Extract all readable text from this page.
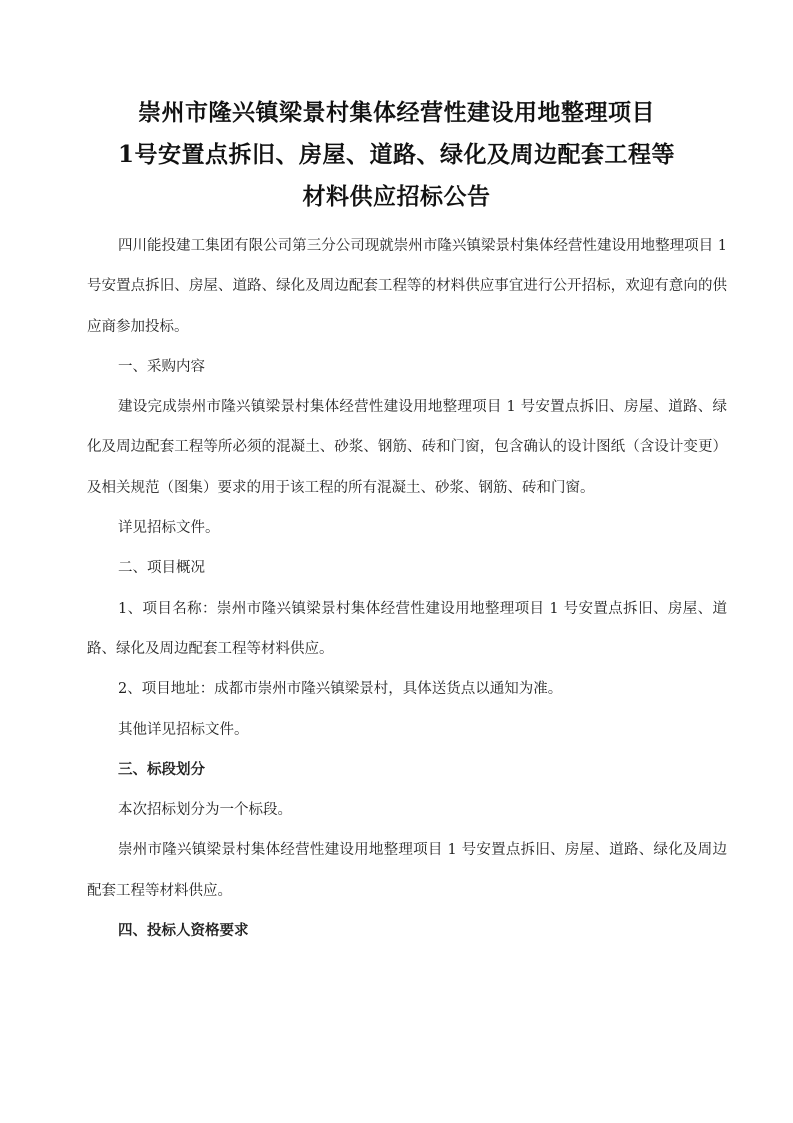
崇州市隆兴镇梁景村集体经营性建设用地整理项目
1号安置点拆旧、房屋、道路、绿化及周边配套工程等
材料供应招标公告

四川能投建工集团有限公司第三分公司现就崇州市隆兴镇梁景村集体经营性建设用地整理项目 1 号安置点拆旧、房屋、道路、绿化及周边配套工程等的材料供应事宜进行公开招标，欢迎有意向的供应商参加投标。

一、采购内容

建设完成崇州市隆兴镇梁景村集体经营性建设用地整理项目 1 号安置点拆旧、房屋、道路、绿化及周边配套工程等所必须的混凝土、砂浆、钢筋、砖和门窗，包含确认的设计图纸（含设计变更）及相关规范（图集）要求的用于该工程的所有混凝土、砂浆、钢筋、砖和门窗。

详见招标文件。

二、项目概况

1、项目名称：崇州市隆兴镇梁景村集体经营性建设用地整理项目 1 号安置点拆旧、房屋、道路、绿化及周边配套工程等材料供应。

2、项目地址：成都市崇州市隆兴镇梁景村，具体送货点以通知为准。

其他详见招标文件。

三、标段划分

本次招标划分为一个标段。

崇州市隆兴镇梁景村集体经营性建设用地整理项目 1 号安置点拆旧、房屋、道路、绿化及周边配套工程等材料供应。

四、投标人资格要求
